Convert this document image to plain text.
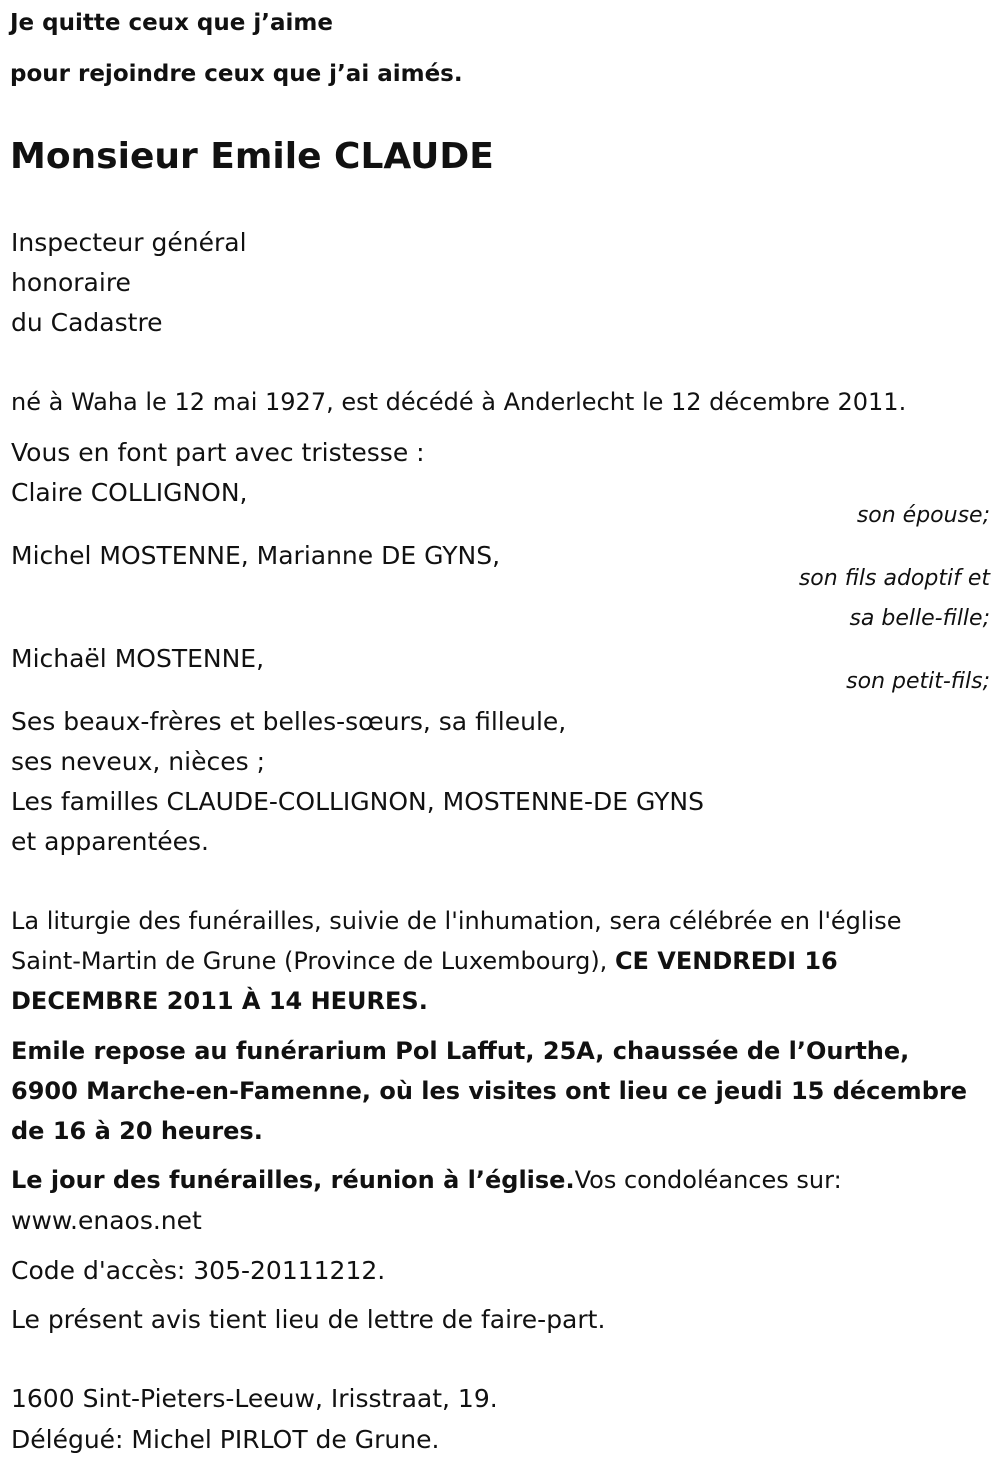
Je quitte ceux que j’aime
pour rejoindre ceux que j’ai aimés.
Monsieur Emile CLAUDE
Inspecteur général
honoraire
du Cadastre
né à Waha le 12 mai 1927, est décédé à Anderlecht le 12 décembre 2011.
Vous en font part avec tristesse :
Claire COLLIGNON,
son épouse;
Michel MOSTENNE, Marianne DE GYNS,
son fils adoptif et
sa belle-fille;
Michaël MOSTENNE,
son petit-fils;
Ses beaux-frères et belles-sœurs, sa filleule,
ses neveux, nièces ;
Les familles CLAUDE-COLLIGNON, MOSTENNE-DE GYNS
et apparentées.
La liturgie des funérailles, suivie de l'inhumation, sera célébrée en l'église
Saint-Martin de Grune (Province de Luxembourg), CE VENDREDI 16
DECEMBRE 2011 À 14 HEURES.
Emile repose au funérarium Pol Laffut, 25A, chaussée de l’Ourthe,
6900 Marche-en-Famenne, où les visites ont lieu ce jeudi 15 décembre
de 16 à 20 heures.
Le jour des funérailles, réunion à l’église.Vos condoléances sur:
www.enaos.net
Code d'accès: 305-20111212.
Le présent avis tient lieu de lettre de faire-part.
1600 Sint-Pieters-Leeuw, Irisstraat, 19.
Délégué: Michel PIRLOT de Grune.
